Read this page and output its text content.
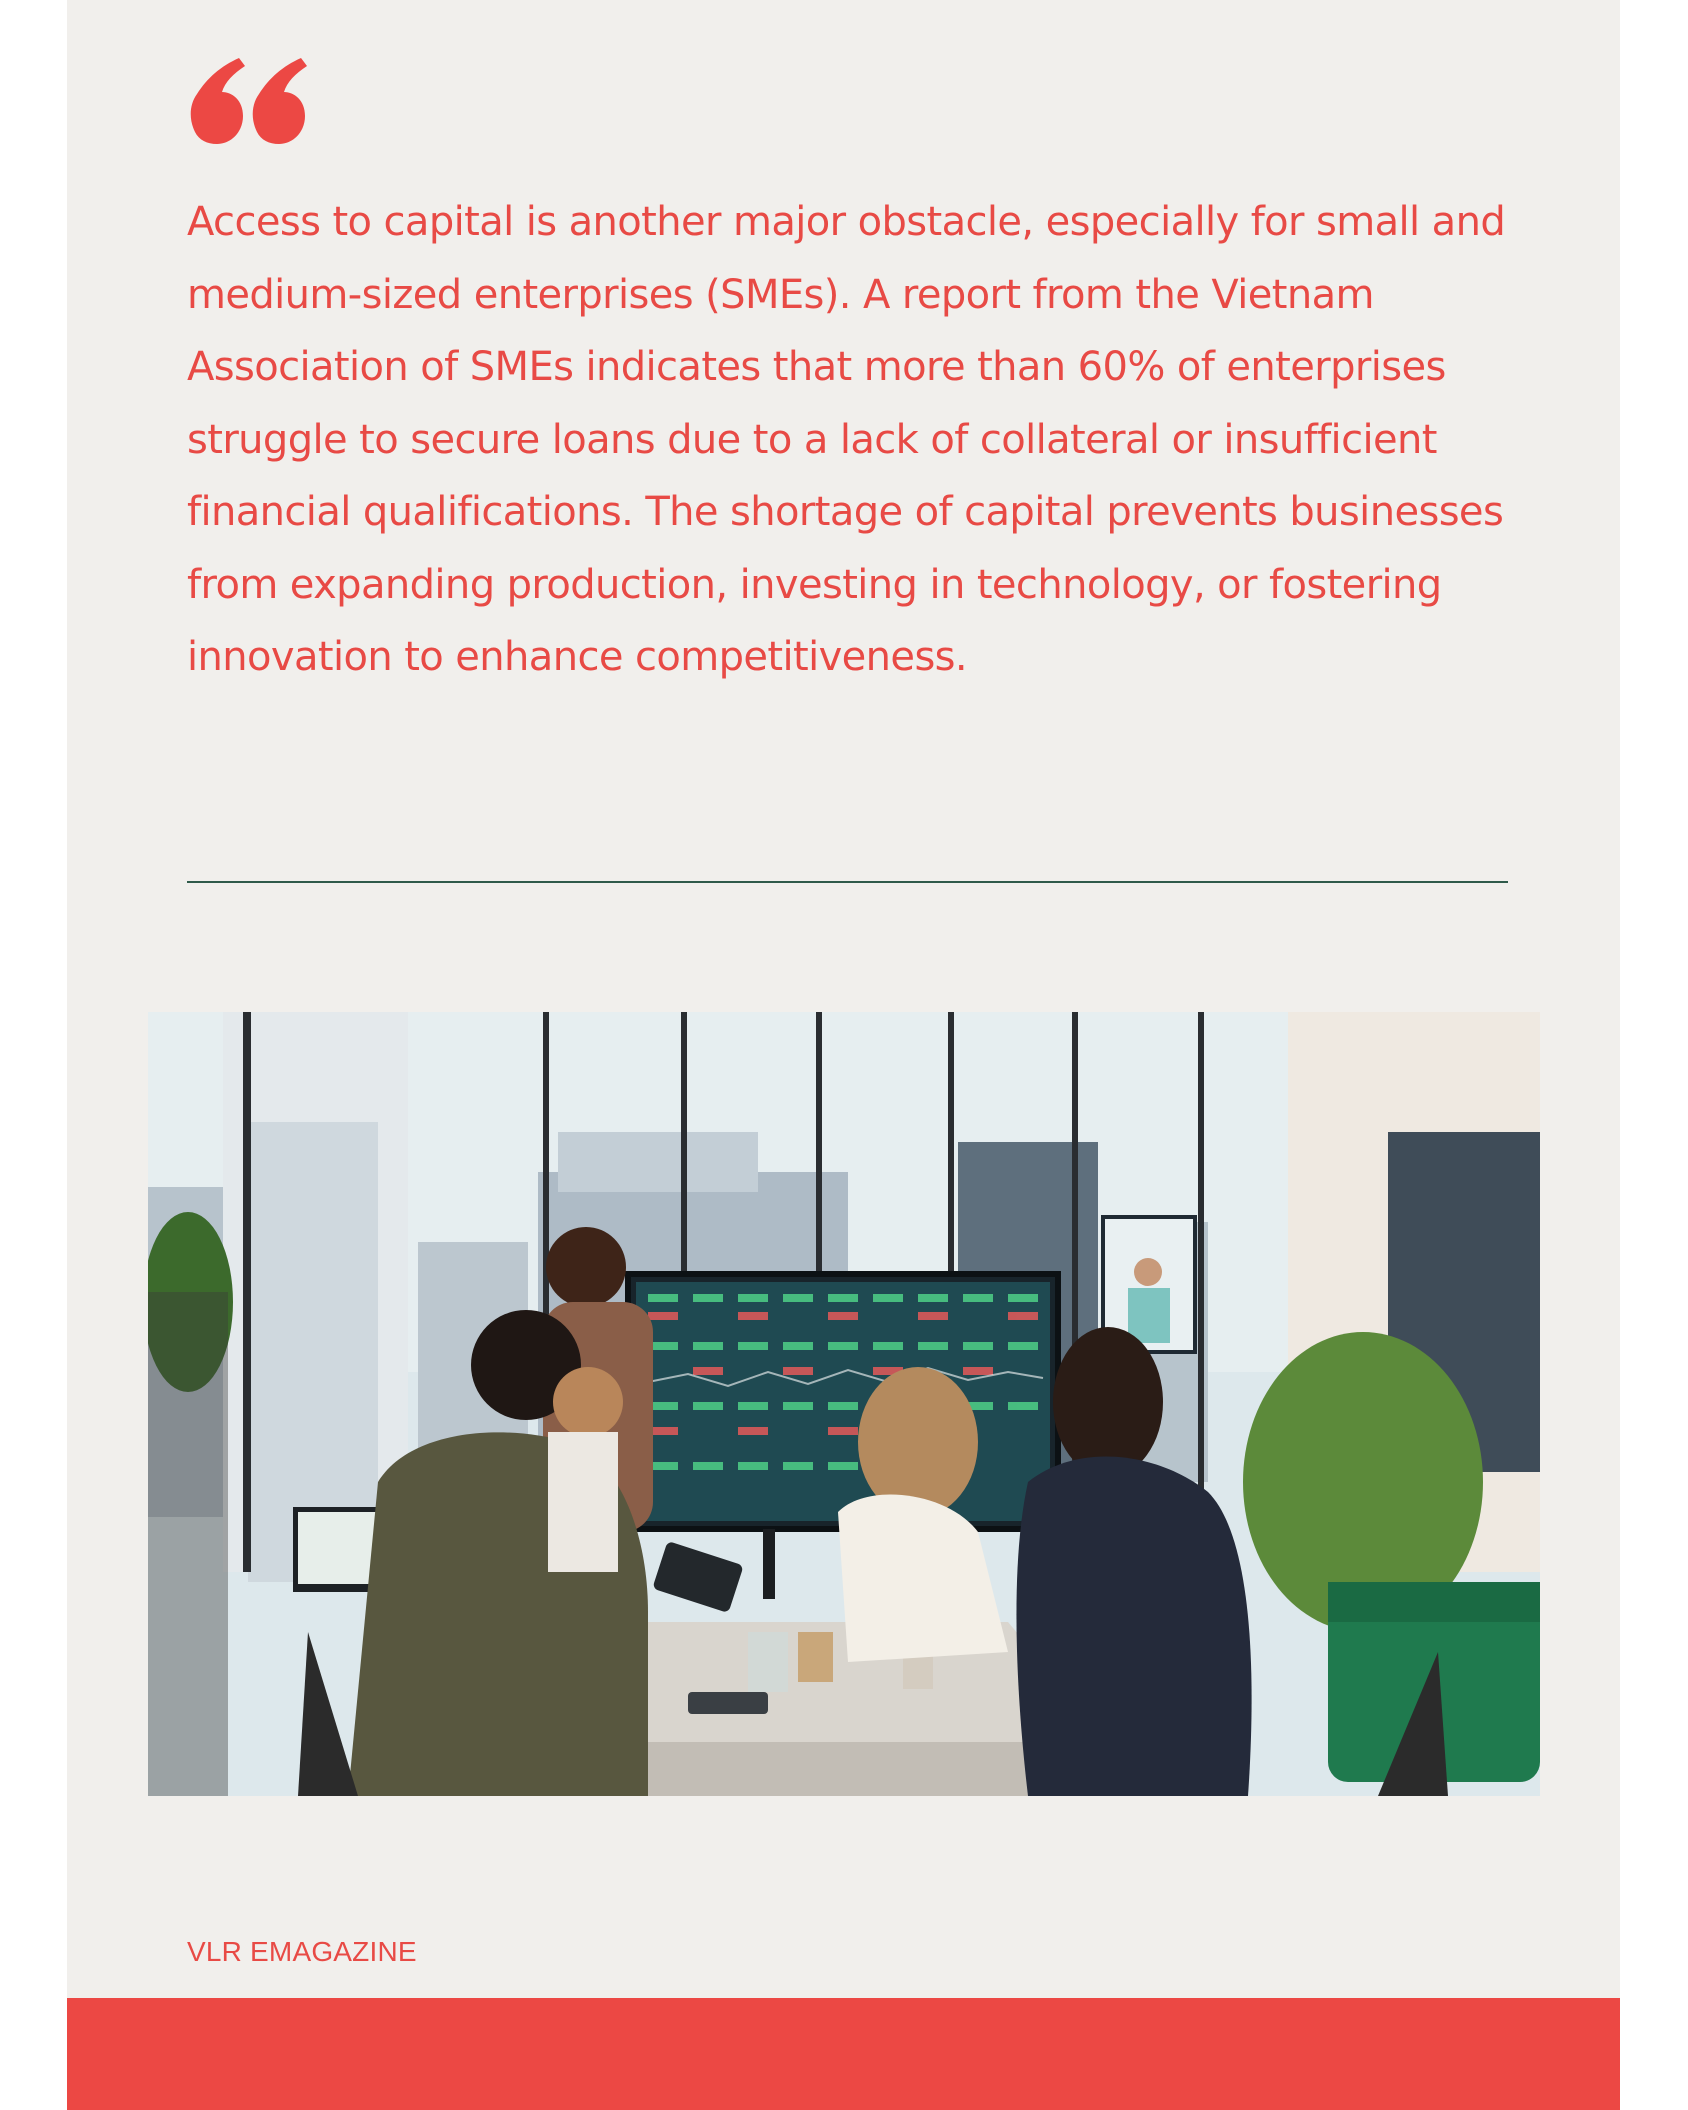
Access to capital is another major obstacle, especially for small and medium-sized enterprises (SMEs). A report from the Vietnam Association of SMEs indicates that more than 60% of enterprises struggle to secure loans due to a lack of collateral or insufficient financial qualifications. The shortage of capital prevents businesses from expanding production, investing in technology, or fostering innovation to enhance competitiveness.

VLR EMAGAZINE
